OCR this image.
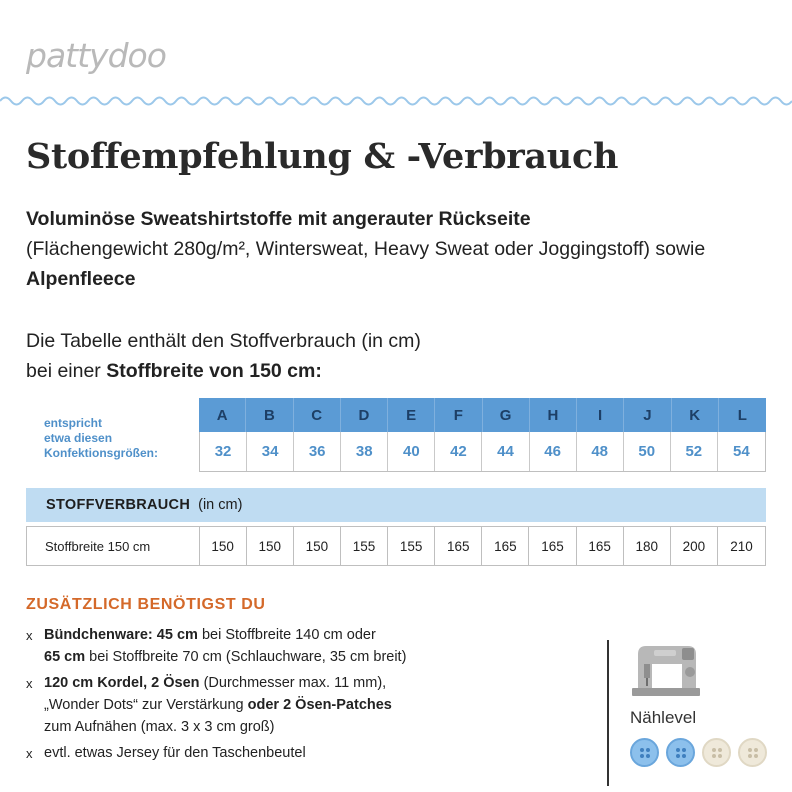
pattydoo
Stoffempfehlung & -Verbrauch
Voluminöse Sweatshirtstoffe mit angerauter Rückseite
(Flächengewicht 280g/m², Wintersweat, Heavy Sweat oder Joggingstoff) sowie Alpenfleece
Die Tabelle enthält den Stoffverbrauch (in cm)
bei einer Stoffbreite von 150 cm:
entspricht
etwa diesen
Konfektionsgrößen:
A	B	C	D	E	F	G	H	I	J	K	L
32	34	36	38	40	42	44	46	48	50	52	54
STOFFVERBRAUCH (in cm)
Stoffbreite 150 cm	150	150	150	155	155	165	165	165	165	180	200	210
ZUSÄTZLICH BENÖTIGST DU
x Bündchenware: 45 cm bei Stoffbreite 140 cm oder
65 cm bei Stoffbreite 70 cm (Schlauchware, 35 cm breit)
x 120 cm Kordel, 2 Ösen (Durchmesser max. 11 mm),
„Wonder Dots“ zur Verstärkung oder 2 Ösen-Patches
zum Aufnähen (max. 3 x 3 cm groß)
x evtl. etwas Jersey für den Taschenbeutel
Nählevel
